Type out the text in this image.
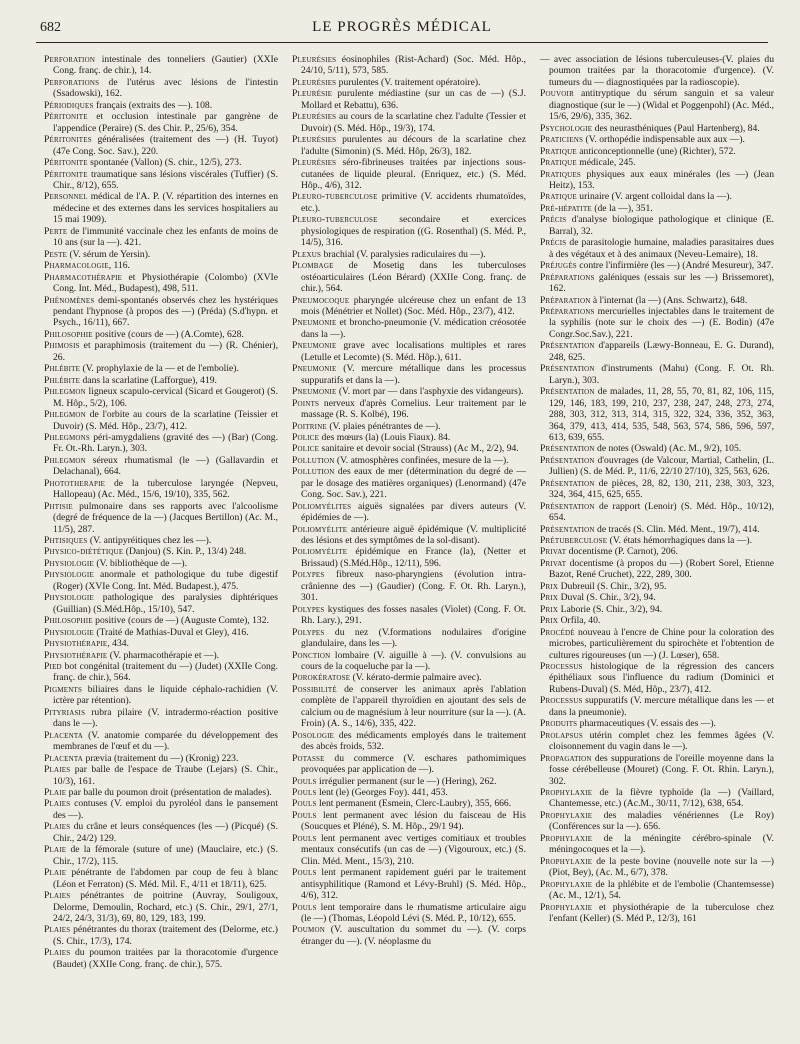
682	LE PROGRÈS MÉDICAL

Perforation intestinale des tonneliers (Gautier) (XXIe Cong. franç. de chir.), 14.

Perforations de l'utérus avec lésions de l'intestin (Ssadowski), 162.

Périodiques français (extraits des —). 108.

Péritonite et occlusion intestinale par gangrène de l'appendice (Peraire) (S. des Chir. P., 25/6), 354.

Péritonites généralisées (traitement des —) (H. Tuyot) (47e Cong. Soc. Sav.), 220.

Péritonite spontanée (Vallon) (S. chir., 12/5), 273.

Péritonite traumatique sans lésions viscérales (Tuffier) (S. Chir., 8/12), 655.

Personnel médical de l'A. P. (V. répartition des internes en médecine et des externes dans les services hospitaliers au 15 mai 1909).

Perte de l'immunité vaccinale chez les enfants de moins de 10 ans (sur la —). 421.

Peste (V. sérum de Yersin).

Pharmacologie, 116.

Pharmacothérapie et Physiothérapie (Colombo) (XVIe Cong. Int. Méd., Budapest), 498, 511.

Phénomènes demi-spontanés observés chez les hystériques pendant l'hypnose (à propos des —) (Préda) (S.d'hypn. et Psych., 16/11), 667.

Philosophie positive (cours de —) (A.Comte), 628.

Phimosis et paraphimosis (traitement du —) (R. Chénier), 26.

Phlébite (V. prophylaxie de la — et de l'embolie).

Phlébite dans la scarlatine (Lafforgue), 419.

Phlegmon ligneux scapulo-cervical (Sicard et Gougerot) (S. M. Hôp., 5/2), 106.

Phlegmon de l'orbite au cours de la scarlatine (Teissier et Duvoir) (S. Méd. Hôp., 23/7), 412.

Phlegmons péri-amygdaliens (gravité des —) (Bar) (Cong. Fr. Ot.-Rh. Laryn.), 303.

Phlegmon séreux rhumatismal (le —) (Gallavardin et Delachanal), 664.

Phototherapie de la tuberculose laryngée (Nepveu, Hallopeau) (Ac. Méd., 15/6, 19/10), 335, 562.

Phtisie pulmonaire dans ses rapports avec l'alcoolisme (degré de fréquence de la —) (Jacques Bertillon) (Ac. M., 11/5), 287.

Phtisiques (V. antipyréitiques chez les —).

Physico-diététique (Danjou) (S. Kin. P., 13/4) 248.

Physiologie (V. bibliothèque de —).

Physiologie anormale et pathologique du tube digestif (Roger) (XVIe Cong. Int. Méd. Budapest.), 475.

Physiologie pathologique des paralysies diphtériques (Guillian) (S.Méd.Hôp., 15/10), 547.

Philosophie positive (cours de —) (Auguste Comte), 132.

Physiologie (Traité de Mathias-Duval et Gley), 416.

Physiothérapie, 434.

Physiothérapie (V. pharmacothérapie et —).

Pied bot congénital (traitement du —) (Judet) (XXIIe Cong. franç. de chir.), 564.

Pigments biliaires dans le liquide céphalo-rachidien (V. ictère par rétention).

Pityriasis rubra pilaire (V. intradermo-réaction positive dans le —).

Placenta (V. anatomie comparée du développement des membranes de l'œuf et du —).

Placenta prævia (traitement du —) (Kronig) 223.

Plaies par balle de l'espace de Traube (Lejars) (S. Chir., 10/3), 161.

Plaie par balle du poumon droit (présentation de malades).

Plaies contuses (V. emploi du pyroléol dans le pansement des —).

Plaies du crâne et leurs conséquences (les —) (Picqué) (S. Chir., 24/2) 129.

Plaie de la fémorale (suture of une) (Mauclaire, etc.) (S. Chir., 17/2), 115.

Plaie pénétrante de l'abdomen par coup de feu à blanc (Léon et Ferraton) (S. Méd. Mil. F., 4/11 et 18/11), 625.

Plaies pénétrantes de poitrine (Auvray, Souligoux, Delorme, Demoulin, Rochard, etc.) (S. Chir., 29/1, 27/1, 24/2, 24/3, 31/3), 69, 80, 129, 183, 199.

Plaies pénétrantes du thorax (traitement des (Delorme, etc.) (S. Chir., 17/3), 174.

Plaies du poumon traitées par la thoracotomie d'urgence (Baudet) (XXIIe Cong. franç. de chir.), 575.

Pleurésies éosinophiles (Rist-Achard) (Soc. Méd. Hôp., 24/10, 5/11), 573, 585.

Pleurésies purulentes (V. traitement opératoire).

Pleurésie purulente médiastine (sur un cas de —) (S.J. Mollard et Rebattu), 636.

Pleurésies au cours de la scarlatine chez l'adulte (Tessier et Duvoir) (S. Méd. Hôp., 19/3), 174.

Pleurésies purulentes au décours de la scarlatine chez l'adulte (Simonin) (S. Méd. Hôp, 26/3), 182.

Pleurésies séro-fibrineuses traitées par injections sous-cutanées de liquide pleural. (Enriquez, etc.) (S. Méd. Hôp., 4/6), 312.

Pleuro-tuberculose primitive (V. accidents rhumatoïdes, etc.).

Pleuro-tuberculose secondaire et exercices physiologiques de respiration ((G. Rosenthal) (S. Méd. P., 14/5), 316.

Plexus brachial (V. paralysies radiculaires du —).

Plombage de Mosetig dans les tuberculoses ostéoarticulaires (Léon Bérard) (XXIIe Cong. franç. de chir.), 564.

Pneumocoque pharyngée ulcéreuse chez un enfant de 13 mois (Ménétrier et Nollet) (Soc. Méd. Hôp., 23/7), 412.

Pneumonie et broncho-pneumonie (V. médication créosotée dans la —).

Pneumonie grave avec localisations multiples et rares (Letulle et Lecomte) (S. Méd. Hôp.), 611.

Pneumonie (V. mercure métallique dans les processus suppuratifs et dans la —).

Pneumonie (V. mort par — dans l'asphyxie des vidangeurs).

Points nerveux d'après Cornelius. Leur traitement par le massage (R. S. Kolbé), 196.

Poitrine (V. plaies pénétrantes de —).

Police des mœurs (la) (Louis Fiaux). 84.

Police sanitaire et devoir social (Strauss) (Ac M., 2/2), 94.

Pollution (V. atmosphères confinées, mesure de la —).

Pollution des eaux de mer (détermination du degré de — par le dosage des matières organiques) (Lenormand) (47e Cong. Soc. Sav.), 221.

Poliomyélites aiguës signalées par divers auteurs (V. épidémies de —).

Poliomyélite antérieure aiguë épidémique (V. multiplicité des lésions et des symptômes de la sol-disant).

Poliomyélite épidémique en France (la), (Netter et Brissaud) (S.Méd.Hôp., 12/11), 596.

Polypes fibreux naso-pharyngiens (évolution intra-crânienne des —) (Gaudier) (Cong. F. Ot. Rh. Laryn.), 301.

Polypes kystiques des fosses nasales (Violet) (Cong. F. Ot. Rh. Lary.), 291.

Polypes du nez (V.formations nodulaires d'origine glandulaire, dans les —).

Ponction lombaire (V. aiguille à —). (V. convulsions au cours de la coqueluche par la —).

Porokératose (V. kérato-dermie palmaire avec).

Possibilité de conserver les animaux après l'ablation complète de l'appareil thyroïdien en ajoutant des sels de calcium ou de magnésium à leur nourriture (sur la —). (A. Froin) (A. S., 14/6), 335, 422.

Posologie des médicaments employés dans le traitement des abcès froids, 532.

Potasse du commerce (V. eschares pathomimiques provoquées par application de —).

Pouls irrégulier permanent (sur le —) (Hering), 262.

Pouls lent (le) (Georges Foy). 441, 453.

Pouls lent permanent (Esmein, Clerc-Laubry), 355, 666.

Pouls lent permanent avec lésion du faisceau de His (Soucques et Pléné), S. M. Hôp., 29/1 94).

Pouls lent permanent avec vertiges comitiaux et troubles mentaux consécutifs (un cas de —) (Vigouroux, etc.) (S. Clin. Méd. Ment., 15/3), 210.

Pouls lent permanent rapidement guéri par le traitement antisyphilitique (Ramond et Lévy-Bruhl) (S. Méd. Hôp., 4/6), 312.

Pouls lent temporaire dans le rhumatisme articulaire aigu (le —) (Thomas, Léopold Lévi (S. Méd. P., 10/12), 655.

Poumon (V. auscultation du sommet du —). (V. corps étranger du —). (V. néoplasme du

— avec association de lésions tuberculeuses-(V. plaies du poumon traitées par la thoracotomie d'urgence). (V. tumeurs du — diagnostiquées par la radioscopie).

Pouvoir antitryptique du sérum sanguin et sa valeur diagnostique (sur le —) (Widal et Poggenpohl) (Ac. Méd., 15/6, 29/6), 335, 362.

Psychologie des neurasthéniques (Paul Hartenberg), 84.

Praticiens (V. orthopédie indispensable aux aux —).

Pratique anticonceptionnelle (une) (Richter), 572.

Pratique médicale, 245.

Pratiques physiques aux eaux minérales (les —) (Jean Heitz), 153.

Pratique urinaire (V. argent colloidal dans la —).

Pré-hépatite (de la —), 351.

Précis d'analyse biologique pathologique et clinique (E. Barral), 32.

Précis de parasitologie humaine, maladies parasitaires dues à des végétaux et à des animaux (Neveu-Lemaire), 18.

Préjugés contre l'infirmière (les —) (André Mesureur), 347.

Préparations galéniques (essais sur les —) Brissemoret), 162.

Préparation à l'internat (la —) (Ans. Schwartz), 648.

Préparations mercurielles injectables dans le traitement de la syphilis (note sur le choix des —) (E. Bodin) (47e Congr.Soc.Sav.), 221.

Présentation d'appareils (Læwy-Bonneau, E. G. Durand), 248, 625.

Présentation d'instruments (Mahu) (Cong. F. Ot. Rh. Laryn.), 303.

Présentation de malades, 11, 28, 55, 70, 81, 82, 106, 115, 129, 146, 183, 199, 210, 237, 238, 247, 248, 273, 274, 288, 303, 312, 313, 314, 315, 322, 324, 336, 352, 363, 364, 379, 413, 414, 535, 548, 563, 574, 586, 596, 597, 613, 639, 655.

Présentation de notes (Oswald) (Ac. M., 9/2), 105.

Présentation d'ouvrages (de Valcour, Martial, Cathelin, (L. Jullien) (S. de Méd. P., 11/6, 22/10 27/10), 325, 563, 626.

Présentation de pièces, 28, 82, 130, 211, 238, 303, 323, 324, 364, 415, 625, 655.

Présentation de rapport (Lenoir) (S. Méd. Hôp., 10/12), 654.

Présentation de tracés (S. Clin. Méd. Ment., 19/7), 414.

Prétuberculose (V. états hémorrhagiques dans la —).

Privat docentisme (P. Carnot), 206.

Privat docentisme (à propos du —) (Robert Sorel, Etienne Bazot, René Cruchet), 222, 289, 300.

Prix Dubreuil (S. Chir., 3/2), 95.

Prix Duval (S. Chir., 3/2), 94.

Prix Laborie (S. Chir., 3/2), 94.

Prix Orfila, 40.

Procédé nouveau à l'encre de Chine pour la coloration des microbes, particulièrement du spirochète et l'obtention de cultures rigoureuses (un —) (J. Lœser), 658.

Processus histologique de la régression des cancers épithéliaux sous l'influence du radium (Dominici et Rubens-Duval) (S. Méd, Hôp., 23/7), 412.

Processus suppuratifs (V. mercure métallique dans les — et dans la pneumonie).

Produits pharmaceutiques (V. essais des —).

Prolapsus utérin complet chez les femmes âgées (V. cloisonnement du vagin dans le —).

Propagation des suppurations de l'oreille moyenne dans la fosse cérébelleuse (Mouret) (Cong. F. Ot. Rhin. Laryn.), 302.

Prophylaxie de la fièvre typhoïde (la —) (Vaillard, Chantemesse, etc.) (Ac.M., 30/11, 7/12), 638, 654.

Prophylaxie des maladies vénériennes (Le Roy) (Conférences sur la —). 656.

Prophylaxie de la méningite cérébro-spinale (V. méningocoques et la —).

Prophylaxie de la peste bovine (nouvelle note sur la —) (Piot, Bey), (Ac. M., 6/7), 378.

Prophylaxie de la phlébite et de l'embolie (Chantemsesse) (Ac. M., 12/1), 54.

Prophylaxie et physiothérapie de la tuberculose chez l'enfant (Keller) (S. Méd P., 12/3), 161
